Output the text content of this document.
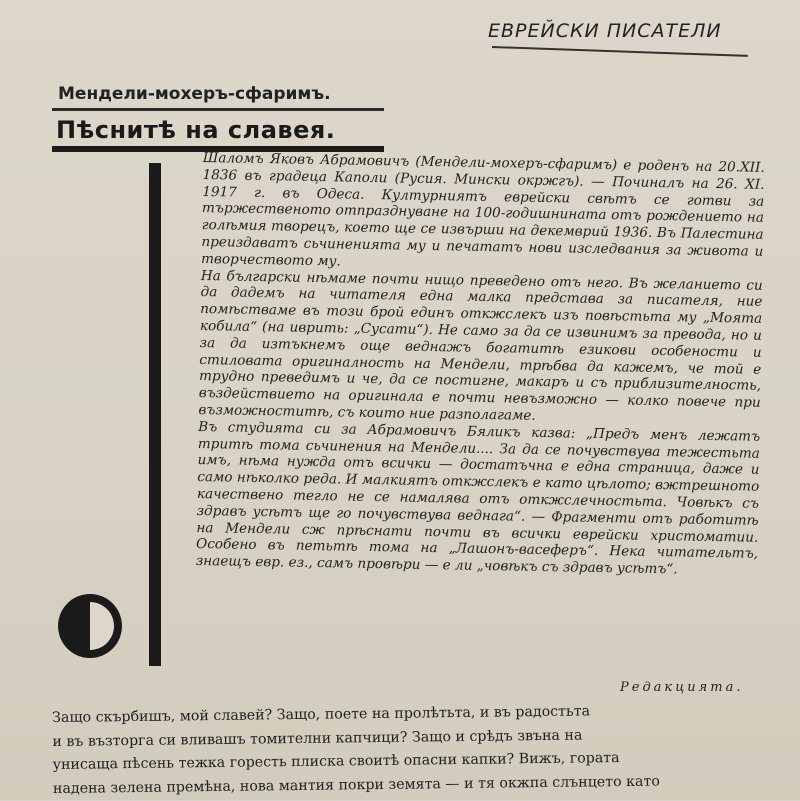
ЕВРЕЙСКИ ПИСАТЕЛИ
Мендели-мохеръ-сфаримъ.
Пѣснитѣ на славея.

Шаломъ Яковъ Абрамовичъ (Мендели-мохеръ-сфаримъ) е роденъ на 20.XII. 1836 въ градеца Каполи (Русия. Мински окржгъ). — Починалъ на 26. XI. 1917 г. въ Одеса. Културниятъ еврейски свѣтъ се готви за тържественото отпразднуване на 100-годишнината отъ рождението на голѣмия творецъ, което ще се извърши на декемврий 1936. Въ Палестина преиздаватъ сьчиненията му и печататъ нови изследвания за живота и творчеството му.

На български нѣмаме почти нищо преведено отъ него. Въ желанието си да дадемъ на читателя една малка представа за писателя, ние помѣстваме въ този брой единъ откжслекъ изъ повѣстьта му „Моята кобила“ (на иврить: „Сусати“). Не само за да се извинимъ за превода, но и за да изтъкнемъ още веднажъ богатитѣ езикови особености и стиловата оригиналность на Мендели, трѣбва да кажемъ, че той е трудно преведимъ и че, да се постигне, макаръ и съ приблизителность, въздействието на оригинала е почти невъзможно — колко повече при възможноститѣ, съ които ние разполагаме.

Въ студията си за Абрамовичъ Бяликъ казва: „Предъ менъ лежатъ тритѣ тома сьчинения на Мендели.... За да се почувствува тежестьта имъ, нѣма нужда отъ всички — достатъчна е една страница, даже и само нѣколко реда. И малкиятъ откжслекъ е като цѣлото; вжтрешното качествено тегло не се намалява отъ откжслечностьта. Човѣкъ съ здравъ усѣтъ ще го почувствува веднага“. — Фрагменти отъ работитѣ на Мендели сж прѣснати почти въ всички еврейски христоматии. Особено въ петьтѣ тома на „Лашонъ-васеферъ“. Нека читательтъ, знаещъ евр. ез., самъ провѣри — е ли „човѣкъ съ здравъ усѣтъ“.

Редакцията.
Защо скърбишъ, мой славей? Защо, поете на пролѣтьта, и въ радостьта
и въ възторга си вливашъ томителни капчици? Защо и срѣдъ звъна на
унисаща пѣсень тежка горесть плиска своитѣ опасни капки? Вижъ, гората
надена зелена премѣна, нова мантия покри земята — и тя окжпа слънцето като
